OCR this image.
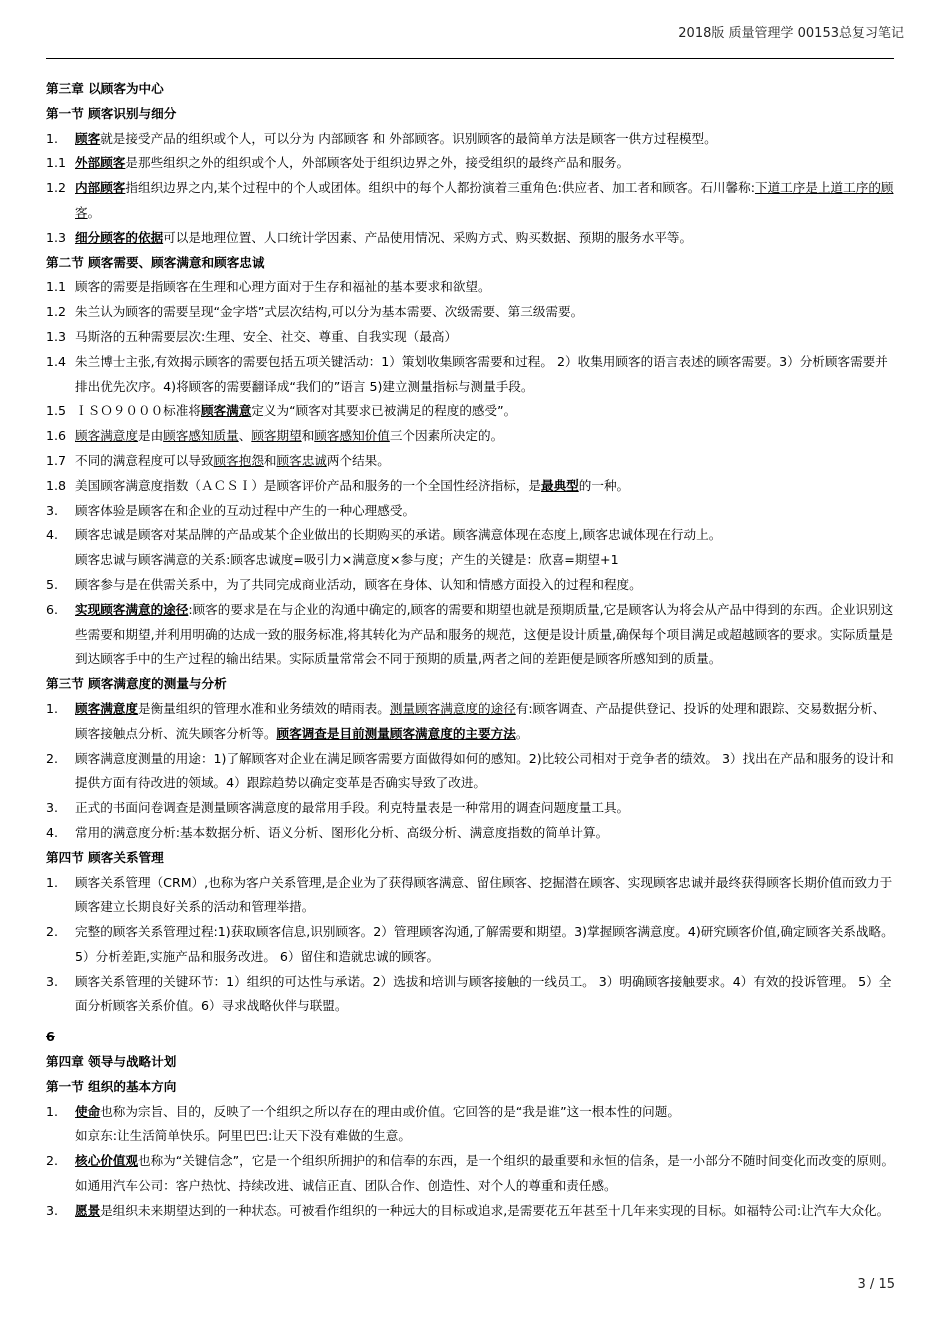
2018版 质量管理学 00153总复习笔记
第三章 以顾客为中心
第一节 顾客识别与细分
1. 顾客就是接受产品的组织或个人，可以分为 内部顾客 和 外部顾客。识别顾客的最简单方法是顾客一供方过程模型。
1.1 外部顾客是那些组织之外的组织或个人，外部顾客处于组织边界之外，接受组织的最终产品和服务。
1.2 内部顾客指组织边界之内,某个过程中的个人或团体。组织中的每个人都扮演着三重角色:供应者、加工者和顾客。石川馨称:下道工序是上道工序的顾客。
1.3 细分顾客的依据可以是地理位置、人口统计学因素、产品使用情况、采购方式、购买数据、预期的服务水平等。
第二节 顾客需要、顾客满意和顾客忠诚
1.1 顾客的需要是指顾客在生理和心理方面对于生存和福祉的基本要求和欲望。
1.2 朱兰认为顾客的需要呈现“金字塔”式层次结构,可以分为基本需要、次级需要、第三级需要。
1.3 马斯洛的五种需要层次:生理、安全、社交、尊重、自我实现（最高）
1.4 朱兰博士主张,有效揭示顾客的需要包括五项关键活动：1）策划收集顾客需要和过程。 2）收集用顾客的语言表述的顾客需要。3）分析顾客需要并排出优先次序。4)将顾客的需要翻译成“我们的”语言 5)建立测量指标与测量手段。
1.5 ＩＳＯ９０００标准将顾客满意定义为“顾客对其要求已被满足的程度的感受”。
1.6 顾客满意度是由顾客感知质量、顾客期望和顾客感知价值三个因素所决定的。
1.7 不同的满意程度可以导致顾客抱怨和顾客忠诚两个结果。
1.8 美国顾客满意度指数（ＡＣＳＩ）是顾客评价产品和服务的一个全国性经济指标，是最典型的一种。
3. 顾客体验是顾客在和企业的互动过程中产生的一种心理感受。
4. 顾客忠诚是顾客对某品牌的产品或某个企业做出的长期购买的承诺。顾客满意体现在态度上,顾客忠诚体现在行动上。
顾客忠诚与顾客满意的关系:顾客忠诚度=吸引力×满意度×参与度；产生的关键是：欣喜=期望+1
5. 顾客参与是在供需关系中，为了共同完成商业活动，顾客在身体、认知和情感方面投入的过程和程度。
6. 实现顾客满意的途径:顾客的要求是在与企业的沟通中确定的,顾客的需要和期望也就是预期质量,它是顾客认为将会从产品中得到的东西。企业识别这些需要和期望,并利用明确的达成一致的服务标准,将其转化为产品和服务的规范，这便是设计质量,确保每个项目满足或超越顾客的要求。实际质量是到达顾客手中的生产过程的输出结果。实际质量常常会不同于预期的质量,两者之间的差距便是顾客所感知到的质量。
第三节 顾客满意度的测量与分析
1. 顾客满意度是衡量组织的管理水准和业务绩效的晴雨表。测量顾客满意度的途径有:顾客调查、产品提供登记、投诉的处理和跟踪、交易数据分析、顾客接触点分析、流失顾客分析等。顾客调查是目前测量顾客满意度的主要方法。
2. 顾客满意度测量的用途：1)了解顾客对企业在满足顾客需要方面做得如何的感知。2)比较公司相对于竞争者的绩效。 3）找出在产品和服务的设计和提供方面有待改进的领域。4）跟踪趋势以确定变革是否确实导致了改进。
3. 正式的书面问卷调查是测量顾客满意度的最常用手段。利克特量表是一种常用的调查问题度量工具。
4. 常用的满意度分析:基本数据分析、语义分析、图形化分析、高级分析、满意度指数的简单计算。
第四节 顾客关系管理
1. 顾客关系管理（CRM）,也称为客户关系管理,是企业为了获得顾客满意、留住顾客、挖掘潜在顾客、实现顾客忠诚并最终获得顾客长期价值而致力于顾客建立长期良好关系的活动和管理举措。
2. 完整的顾客关系管理过程:1)获取顾客信息,识别顾客。2）管理顾客沟通,了解需要和期望。3)掌握顾客满意度。4)研究顾客价值,确定顾客关系战略。 5）分析差距,实施产品和服务改进。 6）留住和造就忠诚的顾客。
3. 顾客关系管理的关键环节：1）组织的可达性与承诺。2）选拔和培训与顾客接触的一线员工。 3）明确顾客接触要求。4）有效的投诉管理。 5）全面分析顾客关系价值。6）寻求战略伙伴与联盟。
6
第四章 领导与战略计划
第一节 组织的基本方向
1. 使命也称为宗旨、目的，反映了一个组织之所以存在的理由或价值。它回答的是“我是谁”这一根本性的问题。
如京东:让生活简单快乐。阿里巴巴:让天下没有难做的生意。
2. 核心价值观也称为“关键信念”，它是一个组织所拥护的和信奉的东西，是一个组织的最重要和永恒的信条，是一小部分不随时间变化而改变的原则。如通用汽车公司：客户热忱、持续改进、诚信正直、团队合作、创造性、对个人的尊重和责任感。
3. 愿景是组织未来期望达到的一种状态。可被看作组织的一种远大的目标或追求,是需要花五年甚至十几年来实现的目标。如福特公司:让汽车大众化。
3 / 15
